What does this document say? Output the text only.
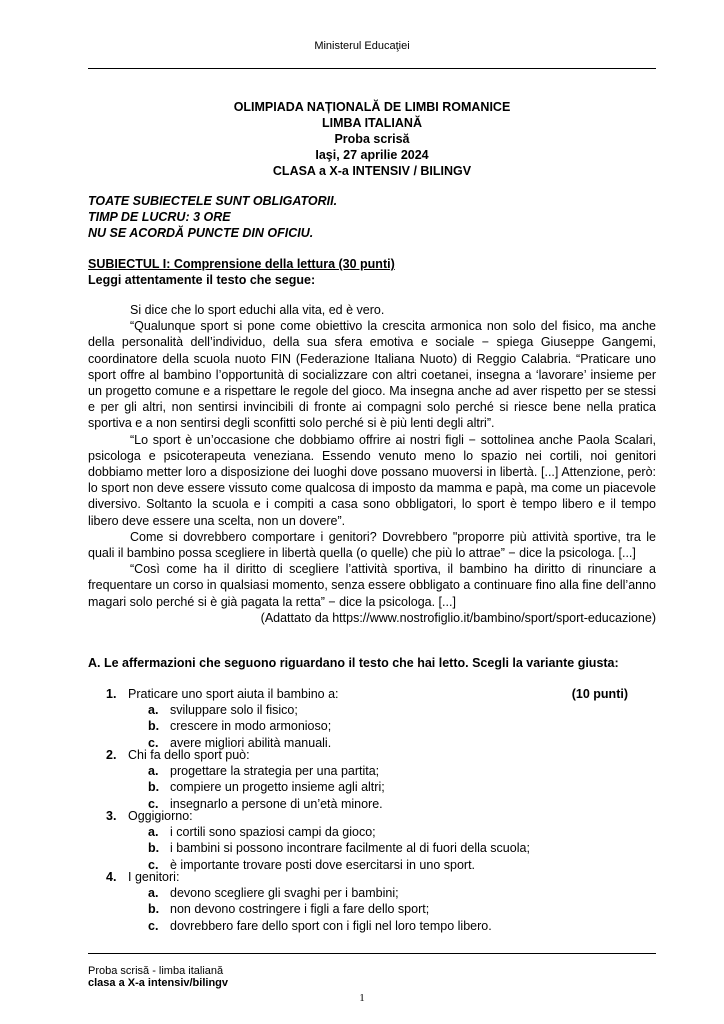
Ministerul Educaţiei
OLIMPIADA NAȚIONALĂ DE LIMBI ROMANICE
LIMBA ITALIANĂ
Proba scrisă
Iaşi, 27 aprilie 2024
CLASA a X-a INTENSIV / BILINGV
TOATE SUBIECTELE SUNT OBLIGATORII.
TIMP DE LUCRU: 3 ORE
NU SE ACORDĂ PUNCTE DIN OFICIU.
SUBIECTUL I: Comprensione della lettura (30 punti)
Leggi attentamente il testo che segue:

Si dice che lo sport educhi alla vita, ed è vero.

“Qualunque sport si pone come obiettivo la crescita armonica non solo del fisico, ma anche della personalità dell’individuo, della sua sfera emotiva e sociale − spiega Giuseppe Gangemi, coordinatore della scuola nuoto FIN (Federazione Italiana Nuoto) di Reggio Calabria. “Praticare uno sport offre al bambino l’opportunità di socializzare con altri coetanei, insegna a ‘lavorare’ insieme per un progetto comune e a rispettare le regole del gioco. Ma insegna anche ad aver rispetto per se stessi e per gli altri, non sentirsi invincibili di fronte ai compagni solo perché si riesce bene nella pratica sportiva e a non sentirsi degli sconfitti solo perché si è più lenti degli altri”.

“Lo sport è un’occasione che dobbiamo offrire ai nostri figli − sottolinea anche Paola Scalari, psicologa e psicoterapeuta veneziana. Essendo venuto meno lo spazio nei cortili, noi genitori dobbiamo metter loro a disposizione dei luoghi dove possano muoversi in libertà. [...] Attenzione, però: lo sport non deve essere vissuto come qualcosa di imposto da mamma e papà, ma come un piacevole diversivo. Soltanto la scuola e i compiti a casa sono obbligatori, lo sport è tempo libero e il tempo libero deve essere una scelta, non un dovere”.

Come si dovrebbero comportare i genitori? Dovrebbero "proporre più attività sportive, tra le quali il bambino possa scegliere in libertà quella (o quelle) che più lo attrae” − dice la psicologa. [...]

“Così come ha il diritto di scegliere l’attività sportiva, il bambino ha diritto di rinunciare a frequentare un corso in qualsiasi momento, senza essere obbligato a continuare fino alla fine dell’anno magari solo perché si è già pagata la retta” − dice la psicologa. [...]

(Adattato da https://www.nostrofiglio.it/bambino/sport/sport-educazione)

A. Le affermazioni che seguono riguardano il testo che hai letto. Scegli la variante giusta:
1. Praticare uno sport aiuta il bambino a:	(10 punti)
a. sviluppare solo il fisico;
b. crescere in modo armonioso;
c. avere migliori abilità manuali.
2. Chi fa dello sport può:
a. progettare la strategia per una partita;
b. compiere un progetto insieme agli altri;
c. insegnarlo a persone di un’età minore.
3. Oggigiorno:
a. i cortili sono spaziosi campi da gioco;
b. i bambini si possono incontrare facilmente al di fuori della scuola;
c. è importante trovare posti dove esercitarsi in uno sport.
4. I genitori:
a. devono scegliere gli svaghi per i bambini;
b. non devono costringere i figli a fare dello sport;
c. dovrebbero fare dello sport con i figli nel loro tempo libero.
Proba scrisă - limba italiană
clasa a X-a intensiv/bilingv
1
